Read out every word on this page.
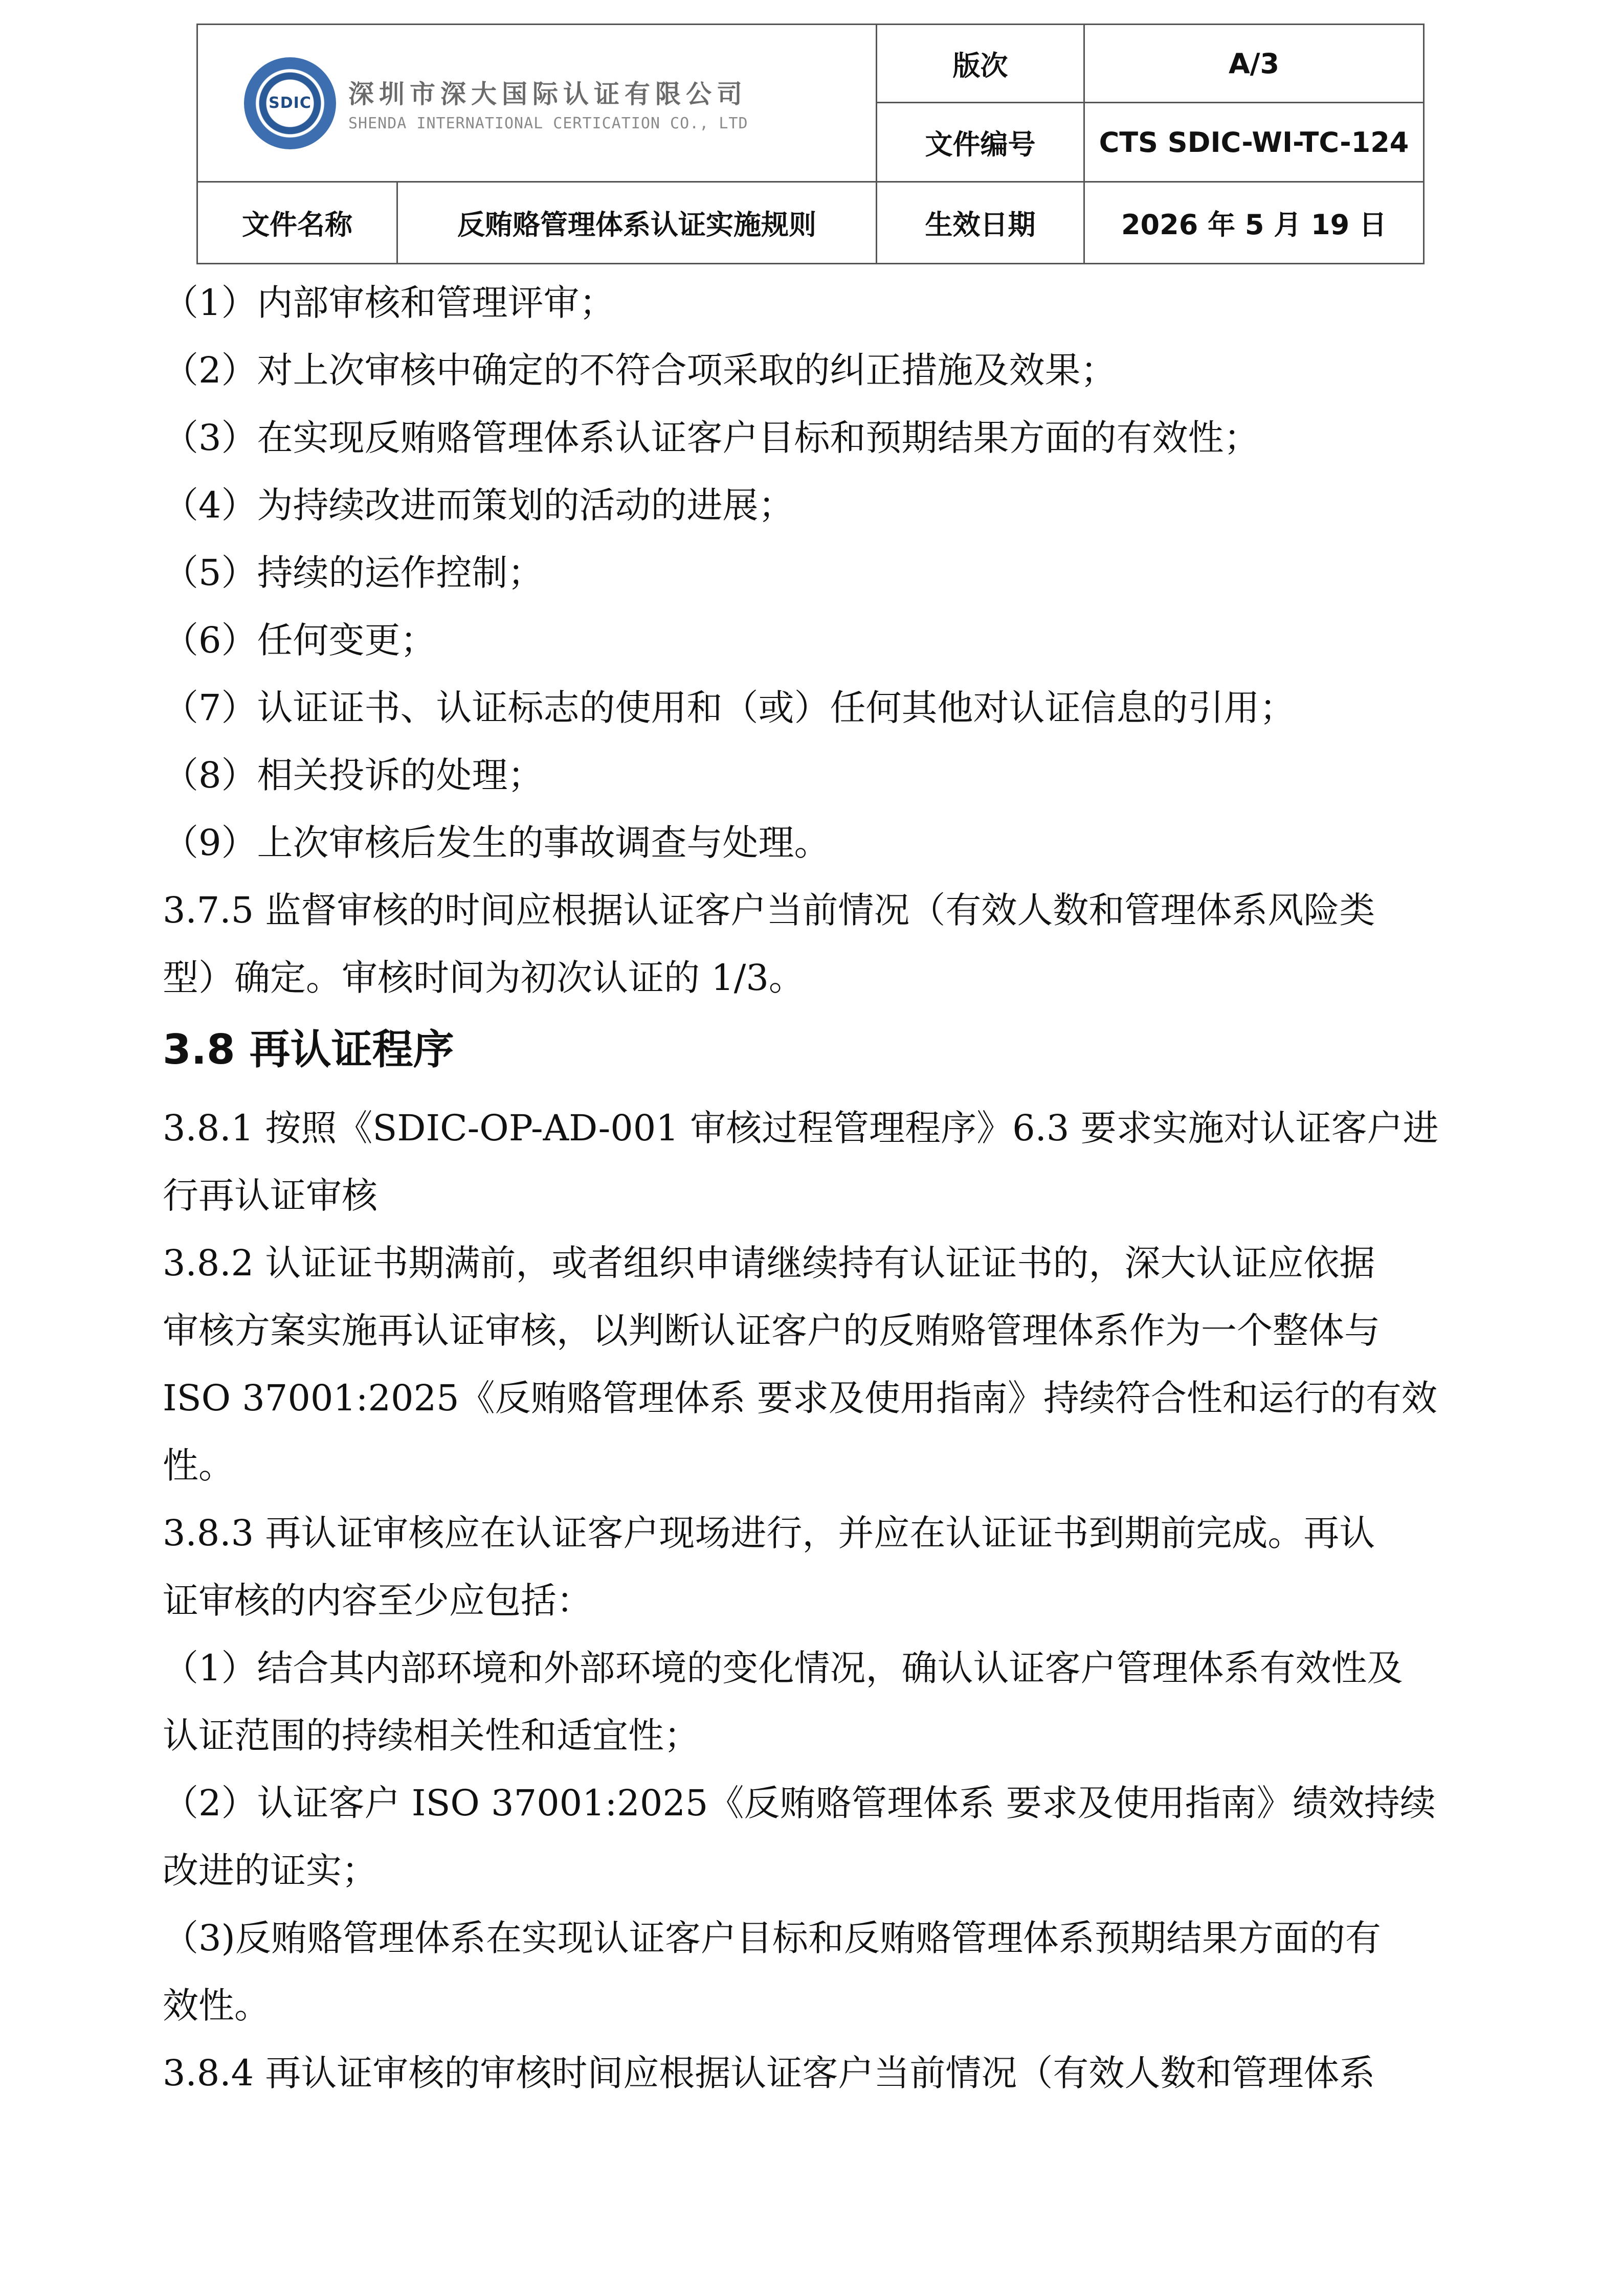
SDIC 深圳市深大国际认证有限公司
SHENDA INTERNATIONAL CERTICATION CO., LTD		版次	A/3
		文件编号	CTS SDIC-WI-TC-124
文件名称	反贿赂管理体系认证实施规则	生效日期	2026 年 5 月 19 日
（1）内部审核和管理评审；
（2）对上次审核中确定的不符合项采取的纠正措施及效果；
（3）在实现反贿赂管理体系认证客户目标和预期结果方面的有效性；
（4）为持续改进而策划的活动的进展；
（5）持续的运作控制；
（6）任何变更；
（7）认证证书、认证标志的使用和（或）任何其他对认证信息的引用；
（8）相关投诉的处理；
（9）上次审核后发生的事故调查与处理。
3.7.5 监督审核的时间应根据认证客户当前情况（有效人数和管理体系风险类
型）确定。审核时间为初次认证的 1/3。
3.8 再认证程序
3.8.1 按照《SDIC-OP-AD-001 审核过程管理程序》6.3 要求实施对认证客户进
行再认证审核
3.8.2 认证证书期满前，或者组织申请继续持有认证证书的，深大认证应依据
审核方案实施再认证审核，以判断认证客户的反贿赂管理体系作为一个整体与
ISO 37001:2025《反贿赂管理体系 要求及使用指南》持续符合性和运行的有效
性。
3.8.3 再认证审核应在认证客户现场进行，并应在认证证书到期前完成。再认
证审核的内容至少应包括：
（1）结合其内部环境和外部环境的变化情况，确认认证客户管理体系有效性及
认证范围的持续相关性和适宜性；
（2）认证客户 ISO 37001:2025《反贿赂管理体系 要求及使用指南》绩效持续
改进的证实；
（3)反贿赂管理体系在实现认证客户目标和反贿赂管理体系预期结果方面的有
效性。
3.8.4 再认证审核的审核时间应根据认证客户当前情况（有效人数和管理体系
